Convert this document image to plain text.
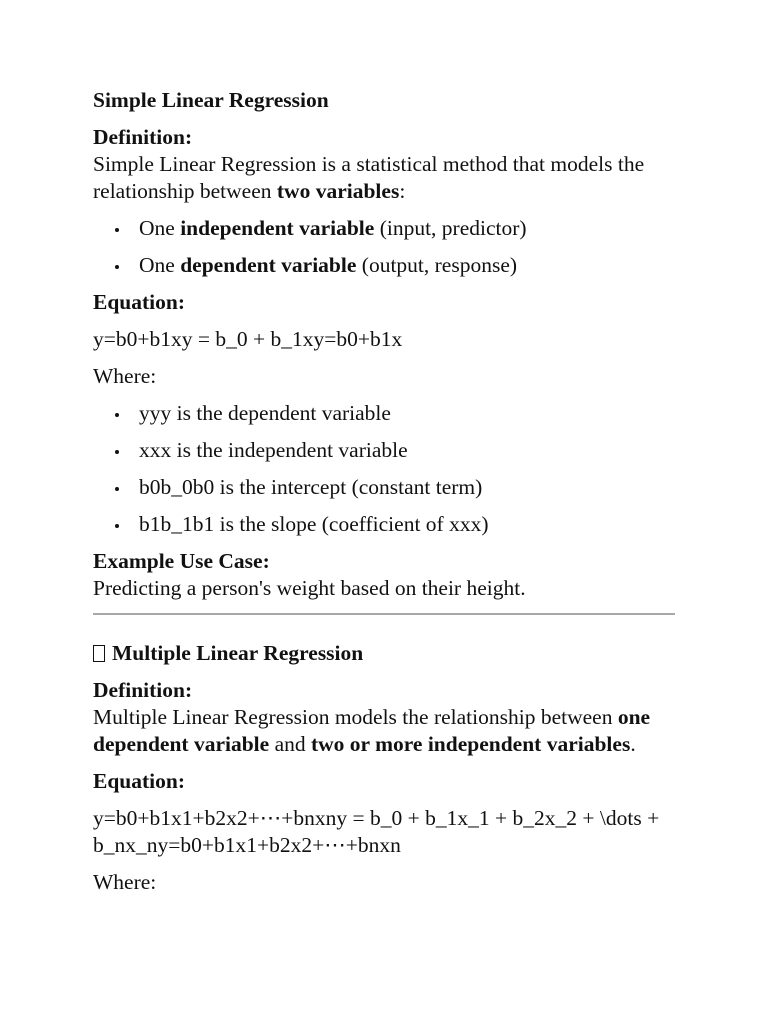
Simple Linear Regression

Definition:

Simple Linear Regression is a statistical method that models the relationship between two variables:

One independent variable (input, predictor)
One dependent variable (output, response)

Equation:

y=b0+b1xy = b_0 + b_1xy=b0+b1x

Where:

yyy is the dependent variable
xxx is the independent variable
b0b_0b0 is the intercept (constant term)
b1b_1b1 is the slope (coefficient of xxx)

Example Use Case:

Predicting a person's weight based on their height.

Multiple Linear Regression

Definition:

Multiple Linear Regression models the relationship between one dependent variable and two or more independent variables.

Equation:

y=b0+b1x1+b2x2+⋯+bnxny = b_0 + b_1x_1 + b_2x_2 + \dots + b_nx_ny=b0+b1x1+b2x2+⋯+bnxn

Where:
